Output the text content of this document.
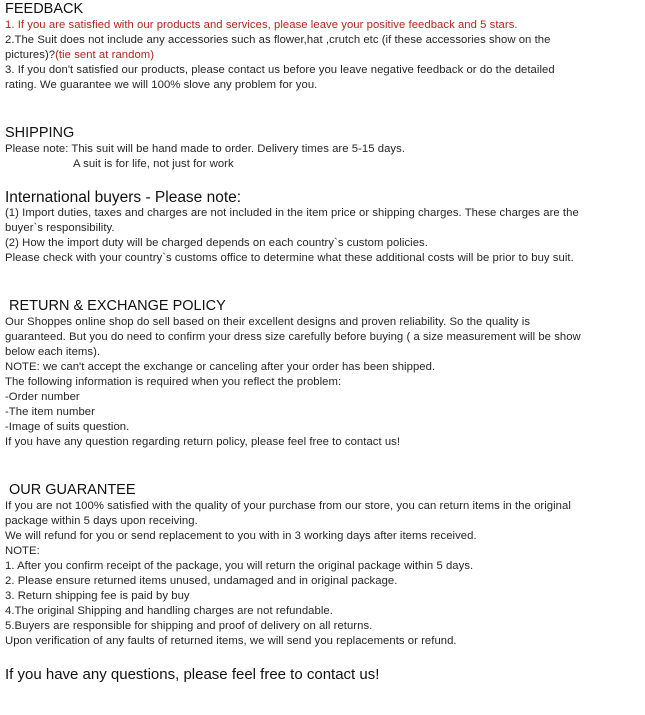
FEEDBACK
1. If you are satisfied with our products and services, please leave your positive feedback and 5 stars.
2.The Suit does not include any accessories such as flower,hat ,crutch etc (if these accessories show on the
pictures)?(tie sent at random)
3. If you don't satisfied our products, please contact us before you leave negative feedback or do the detailed
rating. We guarantee we will 100% slove any problem for you.
SHIPPING
Please note: This suit will be hand made to order. Delivery times are 5-15 days.
A suit is for life, not just for work
International buyers - Please note:
(1) Import duties, taxes and charges are not included in the item price or shipping charges. These charges are the
buyer`s responsibility.
(2) How the import duty will be charged depends on each country`s custom policies.
Please check with your country`s customs office to determine what these additional costs will be prior to buy suit.
RETURN & EXCHANGE POLICY
Our Shoppes online shop do sell based on their excellent designs and proven reliability. So the quality is
guaranteed. But you do need to confirm your dress size carefully before buying ( a size measurement will be show
below each items).
NOTE: we can't accept the exchange or canceling after your order has been shipped.
The following information is required when you reflect the problem:
-Order number
-The item number
-Image of suits question.
If you have any question regarding return policy, please feel free to contact us!
OUR GUARANTEE
If you are not 100% satisfied with the quality of your purchase from our store, you can return items in the original
package within 5 days upon receiving.
We will refund for you or send replacement to you with in 3 working days after items received.
NOTE:
1. After you confirm receipt of the package, you will return the original package within 5 days.
2. Please ensure returned items unused, undamaged and in original package.
3. Return shipping fee is paid by buy
4.The original Shipping and handling charges are not refundable.
5.Buyers are responsible for shipping and proof of delivery on all returns.
Upon verification of any faults of returned items, we will send you replacements or refund.
If you have any questions, please feel free to contact us!
